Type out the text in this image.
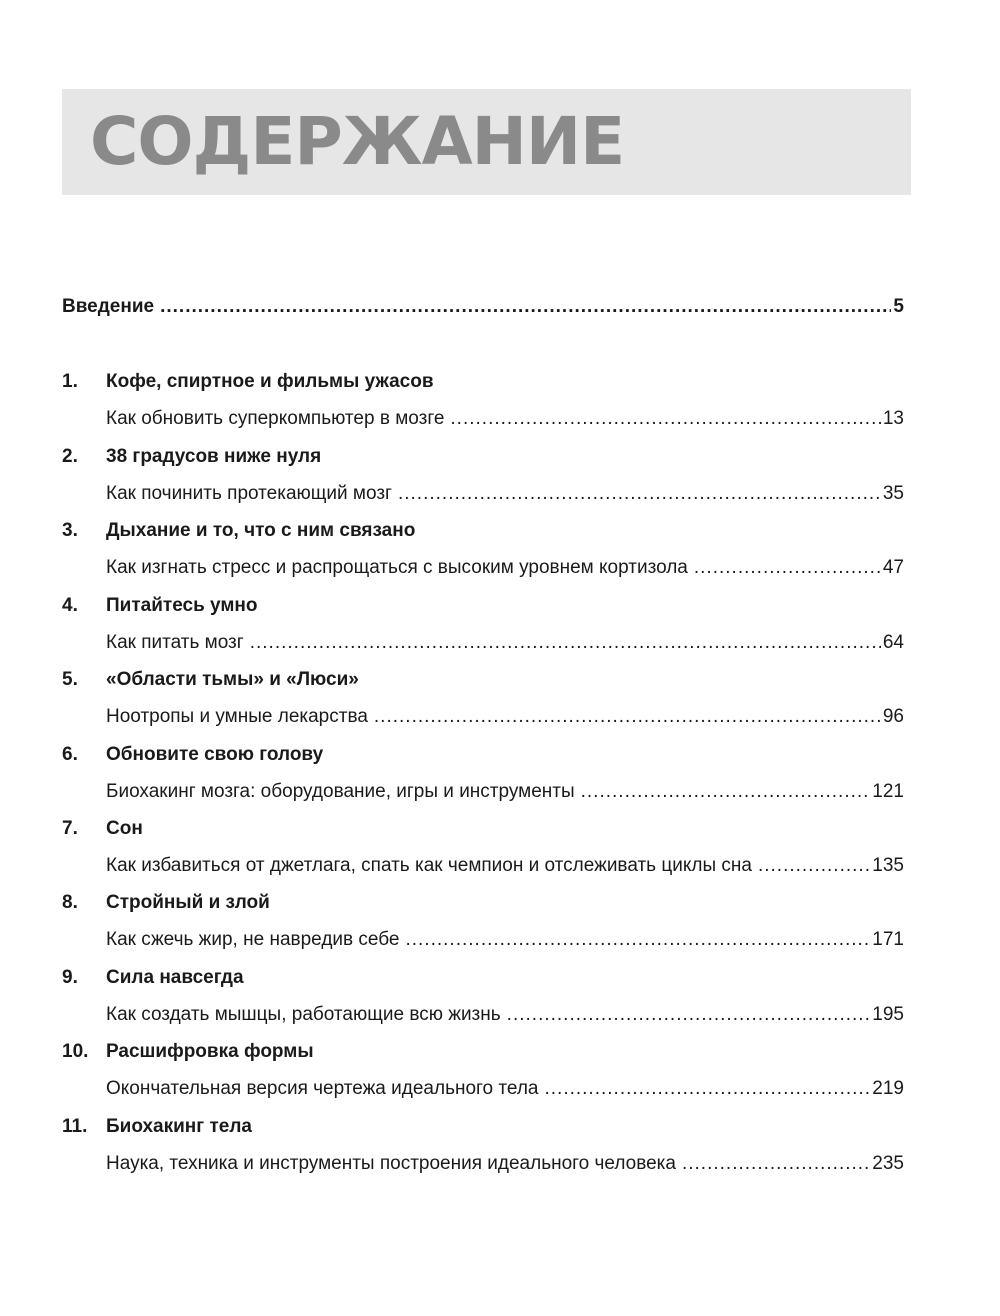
СОДЕРЖАНИЕ
Введение .....	5
1.	Кофе, спиртное и фильмы ужасов
Как обновить суперкомпьютер в мозге .....	13
2.	38 градусов ниже нуля
Как починить протекающий мозг .....	35
3.	Дыхание и то, что с ним связано
Как изгнать стресс и распрощаться с высоким уровнем кортизола .....	47
4.	Питайтесь умно
Как питать мозг .....	64
5.	«Области тьмы» и «Люси»
Ноотропы и умные лекарства .....	96
6.	Обновите свою голову
Биохакинг мозга: оборудование, игры и инструменты .....	121
7.	Сон
Как избавиться от джетлага, спать как чемпион и отслеживать циклы сна .....	135
8.	Стройный и злой
Как сжечь жир, не навредив себе .....	171
9.	Сила навсегда
Как создать мышцы, работающие всю жизнь .....	195
10. Расшифровка формы
Окончательная версия чертежа идеального тела .....	219
11. Биохакинг тела
Наука, техника и инструменты построения идеального человека .....	235
